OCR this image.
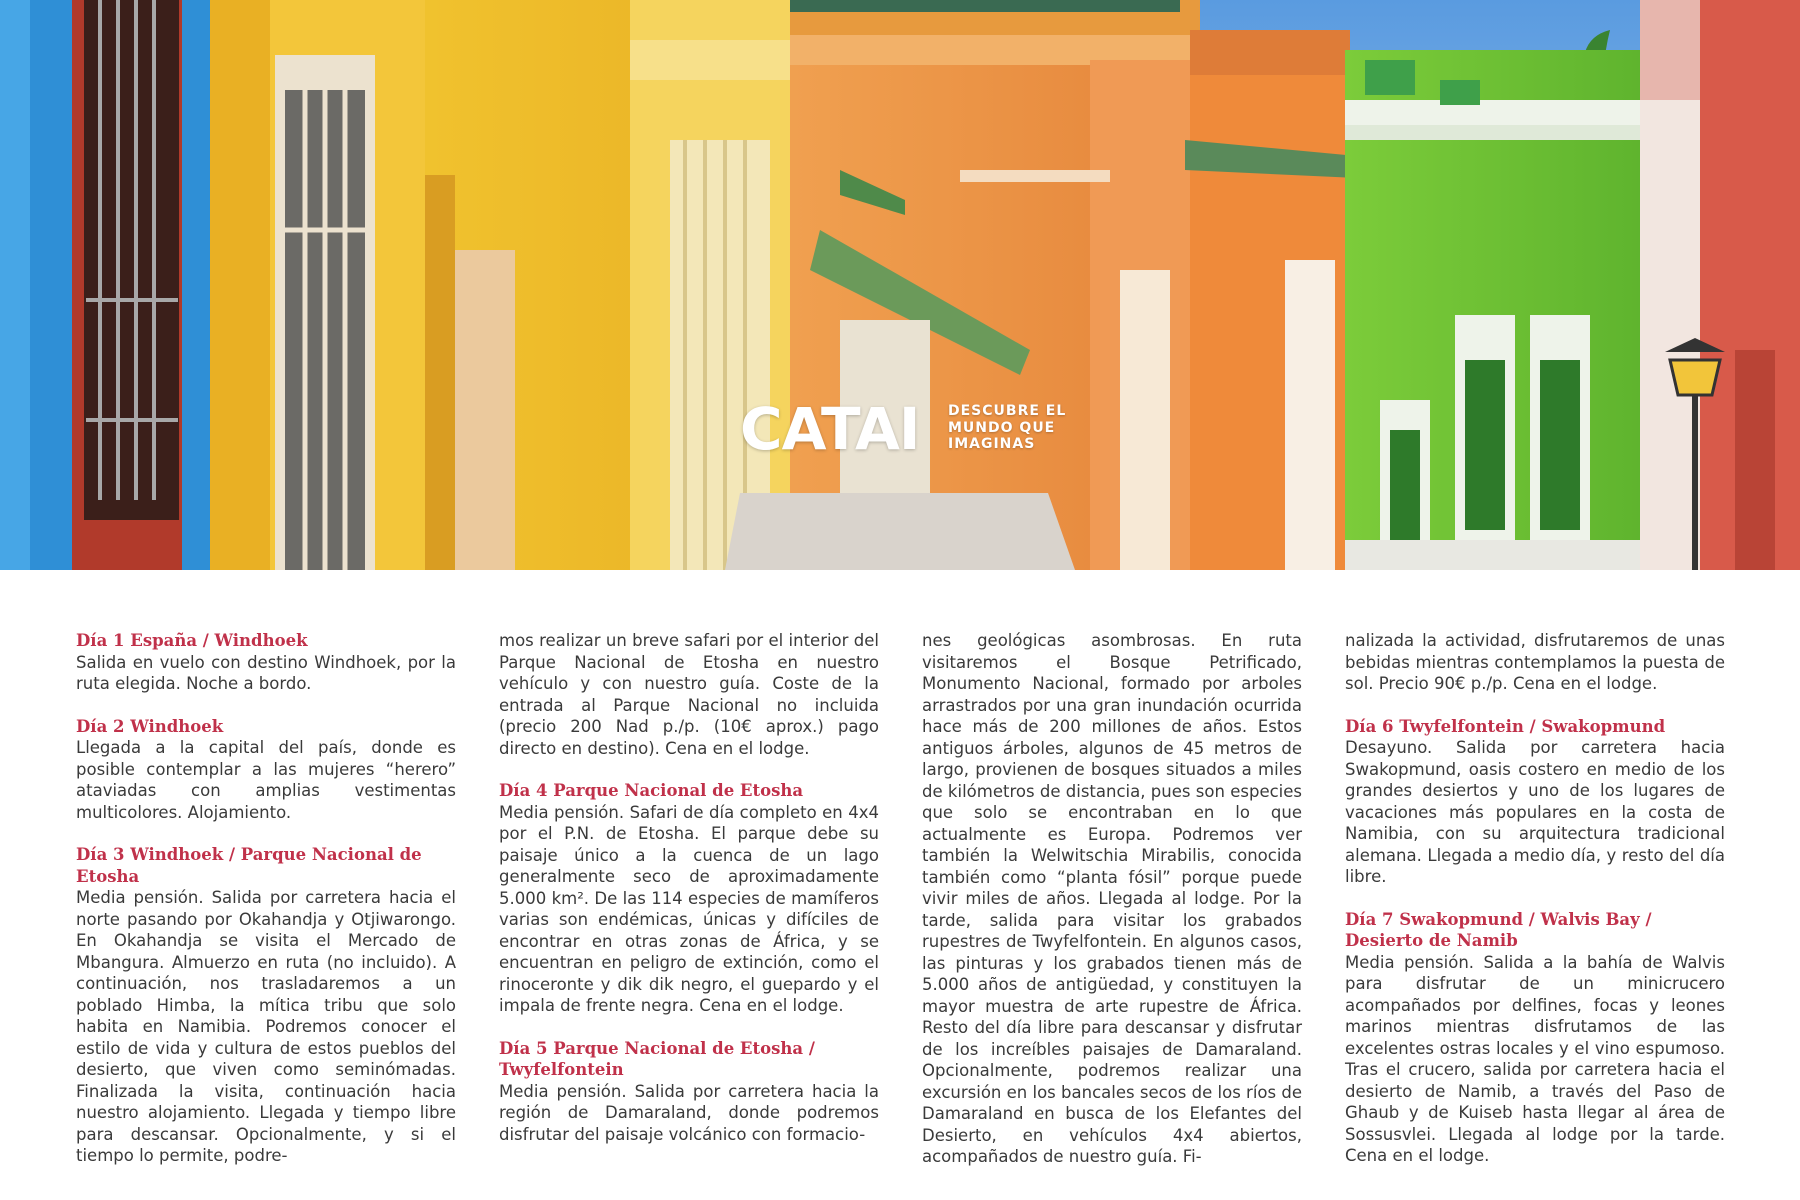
CATAI DESCUBRE EL
MUNDO QUE
IMAGINAS

Día 1 España / Windhoek

Salida en vuelo con destino Windhoek, por la ruta elegida. Noche a bordo.

Día 2 Windhoek

Llegada a la capital del país, donde es posible contemplar a las mujeres “herero” ataviadas con amplias vestimentas multicolores. Alojamiento.

Día 3 Windhoek / Parque Nacional de Etosha

Media pensión. Salida por carretera hacia el norte pasando por Okahandja y Otjiwarongo. En Okahandja se visita el Mercado de Mbangura. Almuerzo en ruta (no incluido). A continuación, nos trasladaremos a un poblado Himba, la mítica tribu que solo habita en Namibia. Podremos conocer el estilo de vida y cultura de estos pueblos del desierto, que viven como seminómadas. Finalizada la visita, continuación hacia nuestro alojamiento. Llegada y tiempo libre para descansar. Opcionalmente, y si el tiempo lo permite, podre-

mos realizar un breve safari por el interior del Parque Nacional de Etosha en nuestro vehículo y con nuestro guía. Coste de la entrada al Parque Nacional no incluida (precio 200 Nad p./p. (10€ aprox.) pago directo en destino). Cena en el lodge.

Día 4 Parque Nacional de Etosha

Media pensión. Safari de día completo en 4x4 por el P.N. de Etosha. El parque debe su paisaje único a la cuenca de un lago generalmente seco de aproximadamente 5.000 km². De las 114 especies de mamíferos varias son endémicas, únicas y difíciles de encontrar en otras zonas de África, y se encuentran en peligro de extinción, como el rinoceronte y dik dik negro, el guepardo y el impala de frente negra. Cena en el lodge.

Día 5 Parque Nacional de Etosha / Twyfelfontein

Media pensión. Salida por carretera hacia la región de Damaraland, donde podremos disfrutar del paisaje volcánico con formacio-

nes geológicas asombrosas. En ruta visitaremos el Bosque Petrificado, Monumento Nacional, formado por arboles arrastrados por una gran inundación ocurrida hace más de 200 millones de años. Estos antiguos árboles, algunos de 45 metros de largo, provienen de bosques situados a miles de kilómetros de distancia, pues son especies que solo se encontraban en lo que actualmente es Europa. Podremos ver también la Welwitschia Mirabilis, conocida también como “planta fósil” porque puede vivir miles de años. Llegada al lodge. Por la tarde, salida para visitar los grabados rupestres de Twyfelfontein. En algunos casos, las pinturas y los grabados tienen más de 5.000 años de antigüedad, y constituyen la mayor muestra de arte rupestre de África. Resto del día libre para descansar y disfrutar de los increíbles paisajes de Damaraland. Opcionalmente, podremos realizar una excursión en los bancales secos de los ríos de Damaraland en busca de los Elefantes del Desierto, en vehículos 4x4 abiertos, acompañados de nuestro guía. Fi-

nalizada la actividad, disfrutaremos de unas bebidas mientras contemplamos la puesta de sol. Precio 90€ p./p. Cena en el lodge.

Día 6 Twyfelfontein / Swakopmund

Desayuno. Salida por carretera hacia Swakopmund, oasis costero en medio de los grandes desiertos y uno de los lugares de vacaciones más populares en la costa de Namibia, con su arquitectura tradicional alemana. Llegada a medio día, y resto del día libre.

Día 7 Swakopmund / Walvis Bay / Desierto de Namib

Media pensión. Salida a la bahía de Walvis para disfrutar de un minicrucero acompañados por delfines, focas y leones marinos mientras disfrutamos de las excelentes ostras locales y el vino espumoso. Tras el crucero, salida por carretera hacia el desierto de Namib, a través del Paso de Ghaub y de Kuiseb hasta llegar al área de Sossusvlei. Llegada al lodge por la tarde. Cena en el lodge.
